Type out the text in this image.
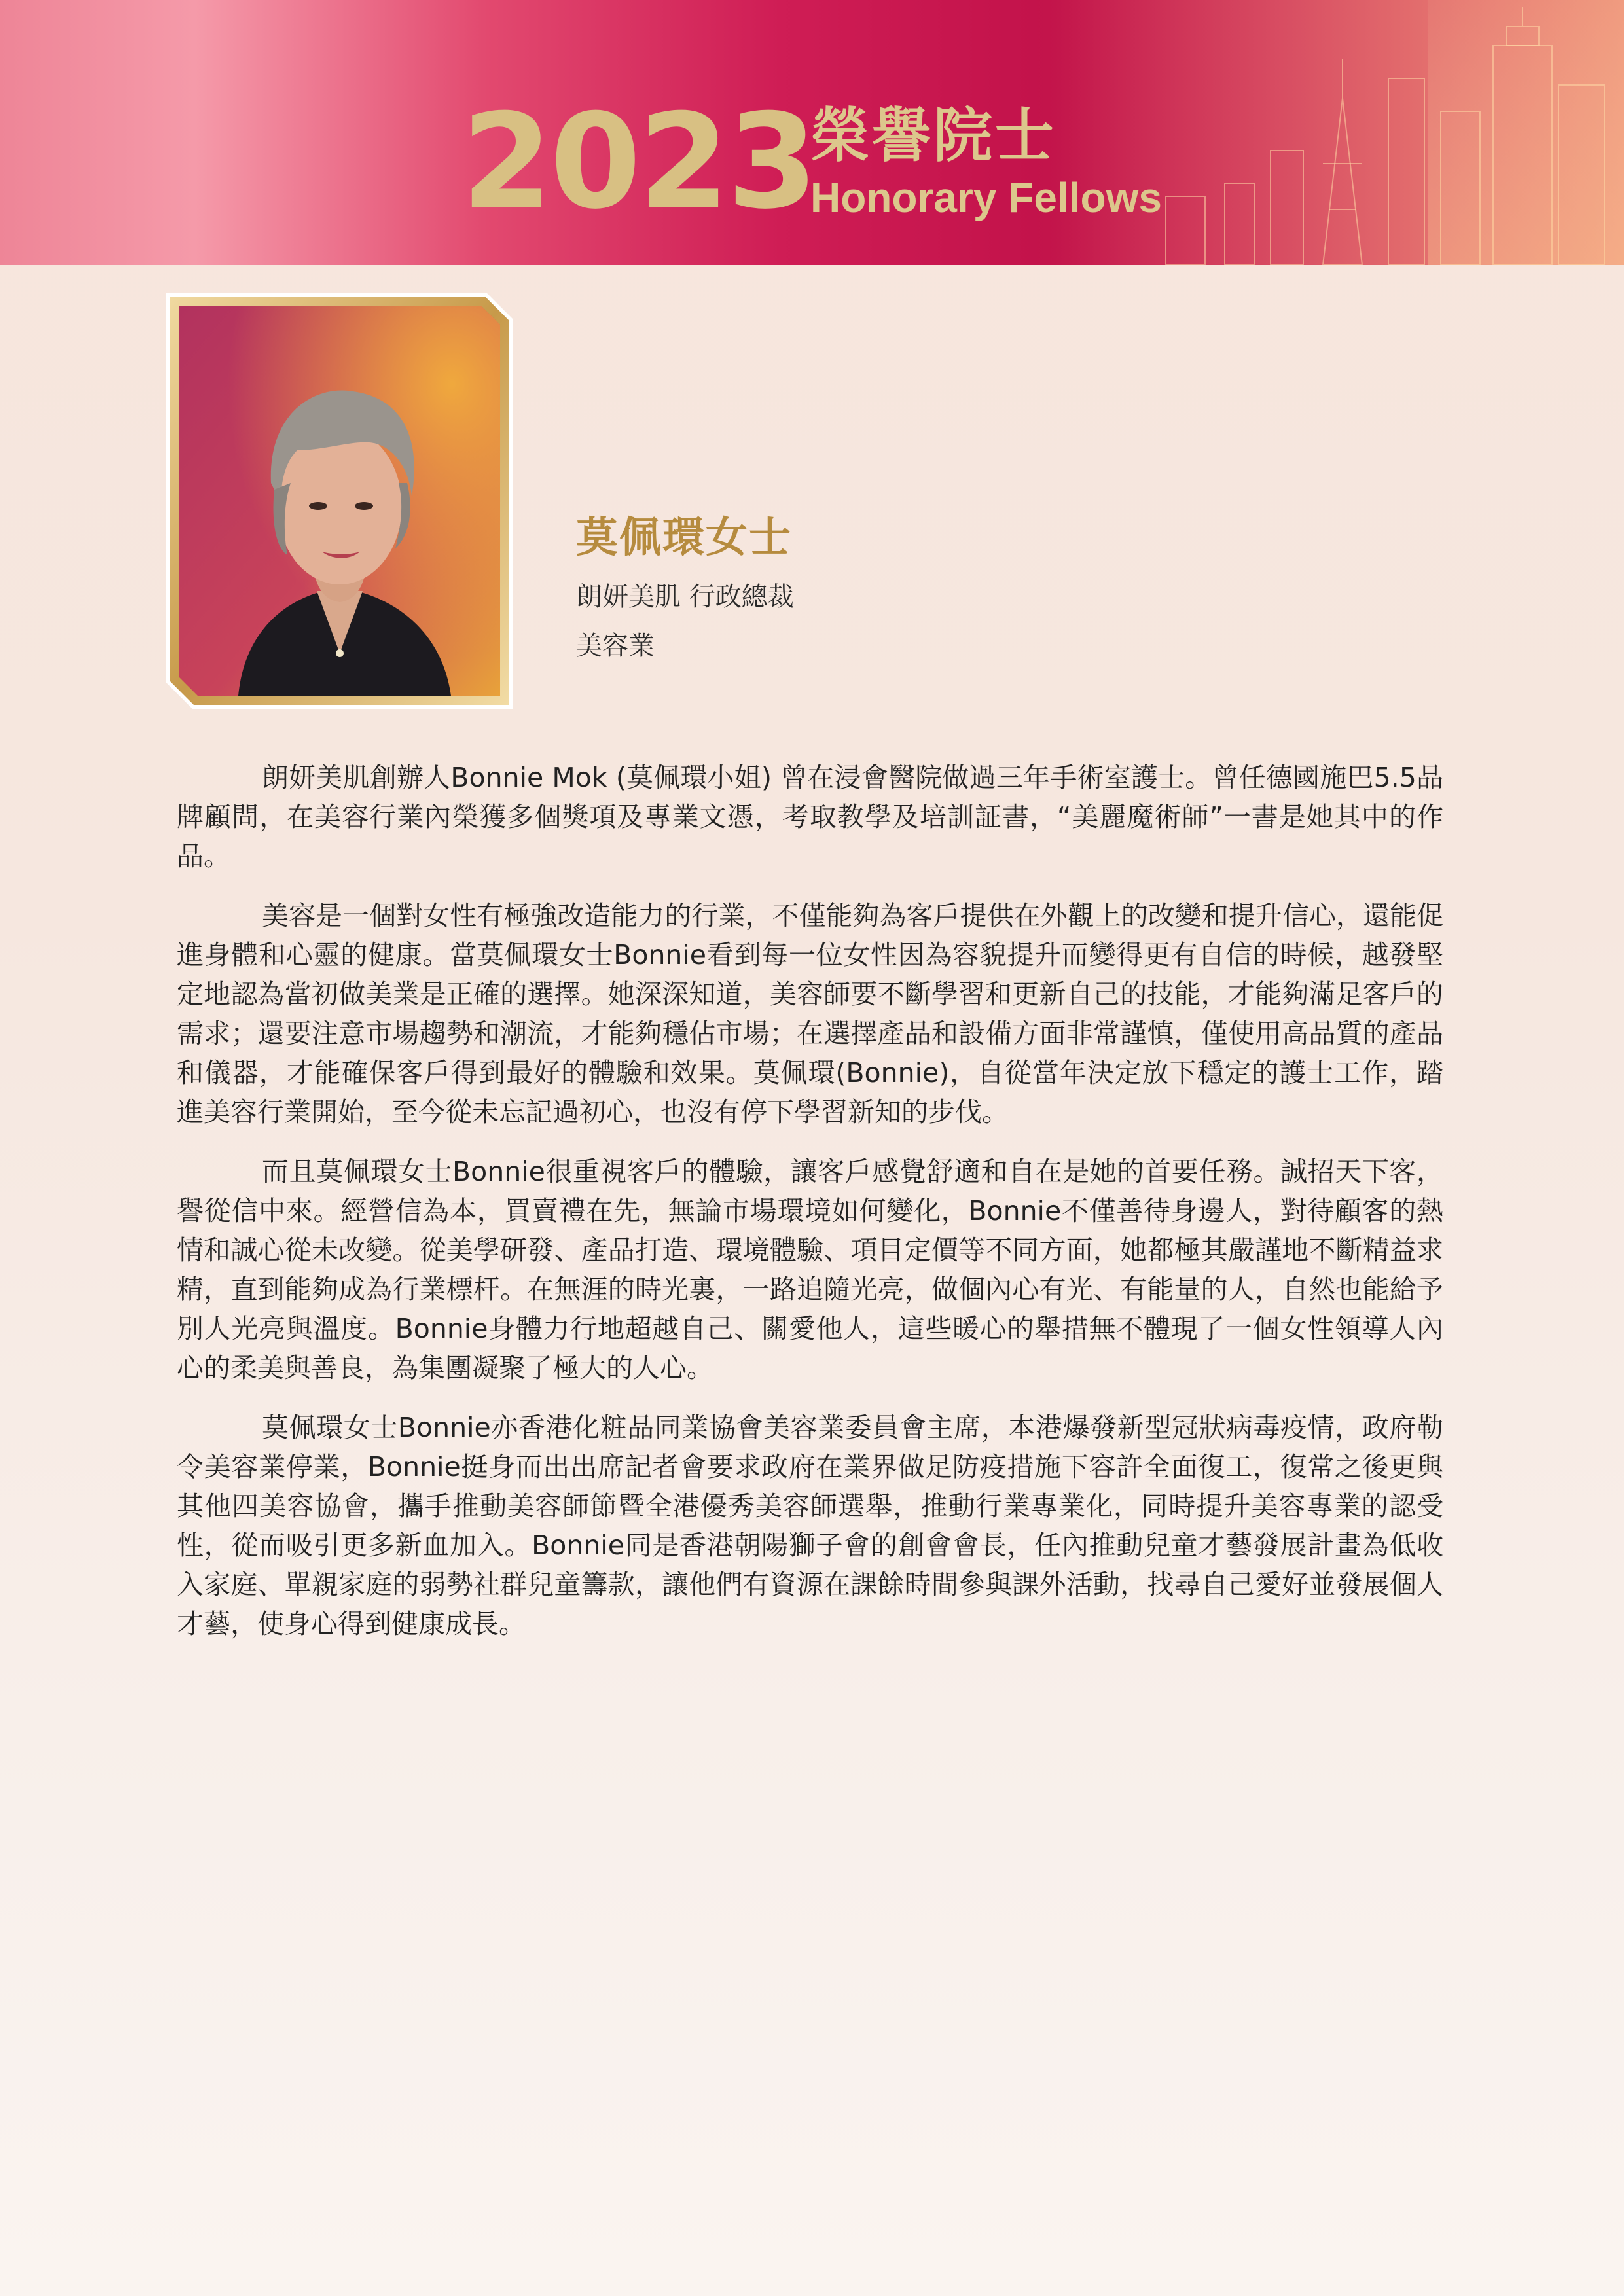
2023
榮譽院士
Honorary Fellows
莫佩環女士
朗妍美肌 行政總裁
美容業

朗妍美肌創辦人Bonnie Mok (莫佩環小姐) 曾在浸會醫院做過三年手術室護士。曾任德國施巴5.5品牌顧問，在美容行業內榮獲多個獎項及專業文憑，考取教學及培訓証書，“美麗魔術師”一書是她其中的作品。

美容是一個對女性有極強改造能力的行業，不僅能夠為客戶提供在外觀上的改變和提升信心，還能促進身體和心靈的健康。當莫佩環女士Bonnie看到每一位女性因為容貌提升而變得更有自信的時候，越發堅定地認為當初做美業是正確的選擇。她深深知道，美容師要不斷學習和更新自己的技能，才能夠滿足客戶的需求；還要注意市場趨勢和潮流，才能夠穩佔市場；在選擇產品和設備方面非常謹慎，僅使用高品質的產品和儀器，才能確保客戶得到最好的體驗和效果。莫佩環(Bonnie)，自從當年決定放下穩定的護士工作，踏進美容行業開始，至今從未忘記過初心，也沒有停下學習新知的步伐。

而且莫佩環女士Bonnie很重視客戶的體驗，讓客戶感覺舒適和自在是她的首要任務。誠招天下客，譽從信中來。經營信為本，買賣禮在先，無論市場環境如何變化，Bonnie不僅善待身邊人，對待顧客的熱情和誠心從未改變。從美學研發、產品打造、環境體驗、項目定價等不同方面，她都極其嚴謹地不斷精益求精，直到能夠成為行業標杆。在無涯的時光裏，一路追隨光亮，做個內心有光、有能量的人，自然也能給予別人光亮與溫度。Bonnie身體力行地超越自己、關愛他人，這些暖心的舉措無不體現了一個女性領導人內心的柔美與善良，為集團凝聚了極大的人心。

莫佩環女士Bonnie亦香港化粧品同業協會美容業委員會主席，本港爆發新型冠狀病毒疫情，政府勒令美容業停業，Bonnie挺身而出出席記者會要求政府在業界做足防疫措施下容許全面復工，復常之後更與其他四美容協會，攜手推動美容師節暨全港優秀美容師選舉，推動行業專業化，同時提升美容專業的認受性，從而吸引更多新血加入。Bonnie同是香港朝陽獅子會的創會會長，任內推動兒童才藝發展計畫為低收入家庭、單親家庭的弱勢社群兒童籌款，讓他們有資源在課餘時間參與課外活動，找尋自己愛好並發展個人才藝，使身心得到健康成長。
